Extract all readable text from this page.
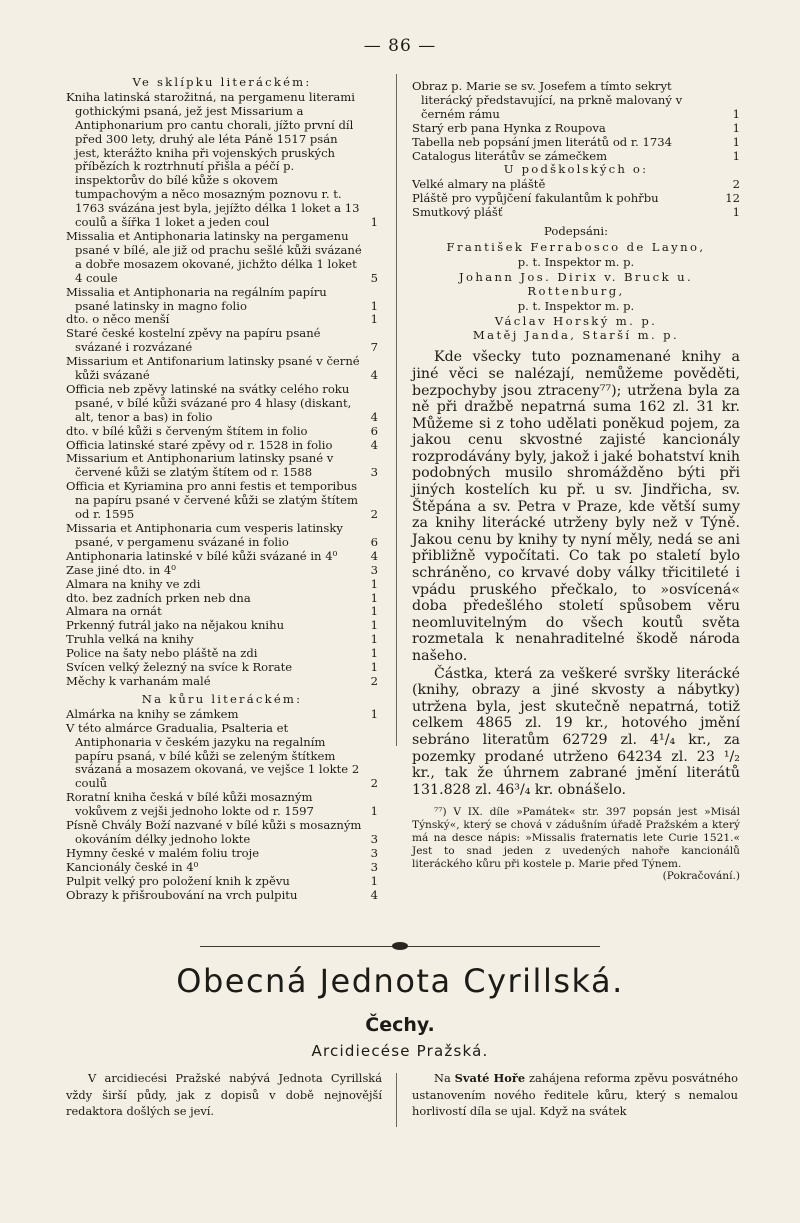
— 86 —
Ve sklípku literáckém:
Kniha latinská starožitná, na pergamenu literami gothickými psaná, jež jest Missarium a Antiphonarium pro cantu chorali, jížto první díl před 300 lety, druhý ale léta Páně 1517 psán jest, kterážto kniha při vojenských pruských příbězích k roztrhnutí přišla a péčí p. inspektorův do bílé kůže s okovem tumpachovým a něco mosazným poznovu r. t. 1763 svázána jest byla, jejížto délka 1 loket a 13 coulů a šířka 1 loket a jeden coul	1
Missalia et Antiphonaria latinsky na pergamenu psané v bílé, ale již od prachu sešlé kůži svázané a dobře mosazem okované, jichžto délka 1 loket 4 coule	5
Missalia et Antiphonaria na regálním papíru psané latinsky in magno folio	1
dto. o něco menší	1
Staré české kostelní zpěvy na papíru psané svázané i rozvázané	7
Missarium et Antifonarium latinsky psané v černé kůži svázané	4
Officia neb zpěvy latinské na svátky celého roku psané, v bílé kůži svázané pro 4 hlasy (diskant, alt, tenor a bas) in folio	4
dto. v bílé kůži s červeným štítem in folio	6
Officia latinské staré zpěvy od r. 1528 in folio	4
Missarium et Antiphonarium latinsky psané v červené kůži se zlatým štítem od r. 1588	3
Officia et Kyriamina pro anni festis et temporibus na papíru psané v červené kůži se zlatým štítem od r. 1595	2
Missaria et Antiphonaria cum vesperis latinsky psané, v pergamenu svázané in folio	6
Antiphonaria latinské v bílé kůži svázané in 4⁰	4
Zase jiné dto. in 4⁰	3
Almara na knihy ve zdi	1
dto. bez zadních prken neb dna	1
Almara na ornát	1
Prkenný futrál jako na nějakou knihu	1
Truhla velká na knihy	1
Police na šaty nebo pláště na zdi	1
Svícen velký železný na svíce k Rorate	1
Měchy k varhanám malé	2
Na kůru literáckém:
Almárka na knihy se zámkem	1
V této almárce Gradualia, Psalteria et Antiphonaria v českém jazyku na regalním papíru psaná, v bílé kůži se zeleným štítkem svázaná a mosazem okovaná, ve vejšce 1 lokte 2 coulů	2
Roratní kniha česká v bílé kůži mosazným vokůvem z vejši jednoho lokte od r. 1597	1
Písně Chvály Boží nazvané v bílé kůži s mosazným okováním délky jednoho lokte	3
Hymny české v malém foliu troje	3
Kancionály české in 4⁰	3
Pulpit velký pro položení knih k zpěvu	1
Obrazy k přišroubování na vrch pulpitu	4
Obraz p. Marie se sv. Josefem a tímto sekryt literácký představující, na prkně malovaný v černém rámu	1
Starý erb pana Hynka z Roupova	1
Tabella neb popsání jmen literátů od r. 1734	1
Catalogus literátův se zámečkem	1
U podškolských o:
Velké almary na pláště	2
Pláště pro vypůjčení fakulantům k pohřbu	12
Smutkový plášť	1
Podepsáni:
František Ferrabosco de Layno,
p. t. Inspektor m. p.
Johann Jos. Dirix v. Bruck u. Rottenburg,
p. t. Inspektor m. p.
Václav Horský m. p.
Matěj Janda, Starší m. p.

Kde všecky tuto poznamenané knihy a jiné věci se nalézají, nemůžeme pověděti, bezpochyby jsou ztraceny⁷⁷); utržena byla za ně při dražbě nepatrná suma 162 zl. 31 kr. Můžeme si z toho udělati poněkud pojem, za jakou cenu skvostné zajisté kancionály rozprodávány byly, jakož i jaké bohatství knih podobných musilo shromážděno býti při jiných kostelích ku př. u sv. Jindřicha, sv. Štěpána a sv. Petra v Praze, kde větší sumy za knihy literácké utrženy byly než v Týně. Jakou cenu by knihy ty nyní měly, nedá se ani přibližně vypočítati. Co tak po staletí bylo schráněno, co krvavé doby války třicitileté i vpádu pruského přečkalo, to »osvícená« doba předešlého století spůsobem věru neomluvitelným do všech koutů světa rozmetala k nenahraditelné škodě národa našeho.

Částka, která za veškeré svršky literácké (knihy, obrazy a jiné skvosty a nábytky) utržena byla, jest skutečně nepatrná, totiž celkem 4865 zl. 19 kr., hotového jmění sebráno literatům 62729 zl. 4¹/₄ kr., za pozemky prodané utrženo 64234 zl. 23 ¹/₂ kr., tak že úhrnem zabrané jmění literátů 131.828 zl. 46³/₄ kr. obnášelo.

⁷⁷) V IX. díle »Památek« str. 397 popsán jest »Misál Týnský«, který se chová v zádušním úřadě Pražském a který má na desce nápis: »Missalis fraternatis lete Curie 1521.« Jest to snad jeden z uvedených nahoře kancionálů literáckého kůru při kostele p. Marie před Týnem.
(Pokračování.)
Obecná Jednota Cyrillská.
Čechy.
Arcidiecése Pražská.
V arcidiecési Pražské nabývá Jednota Cyrillská vždy širší půdy, jak z dopisů v době nejnovější redaktora došlých se jeví.
Na Svaté Hoře zahájena reforma zpěvu posvátného ustanovením nového ředitele kůru, který s nemalou horlivostí díla se ujal. Když na svátek
